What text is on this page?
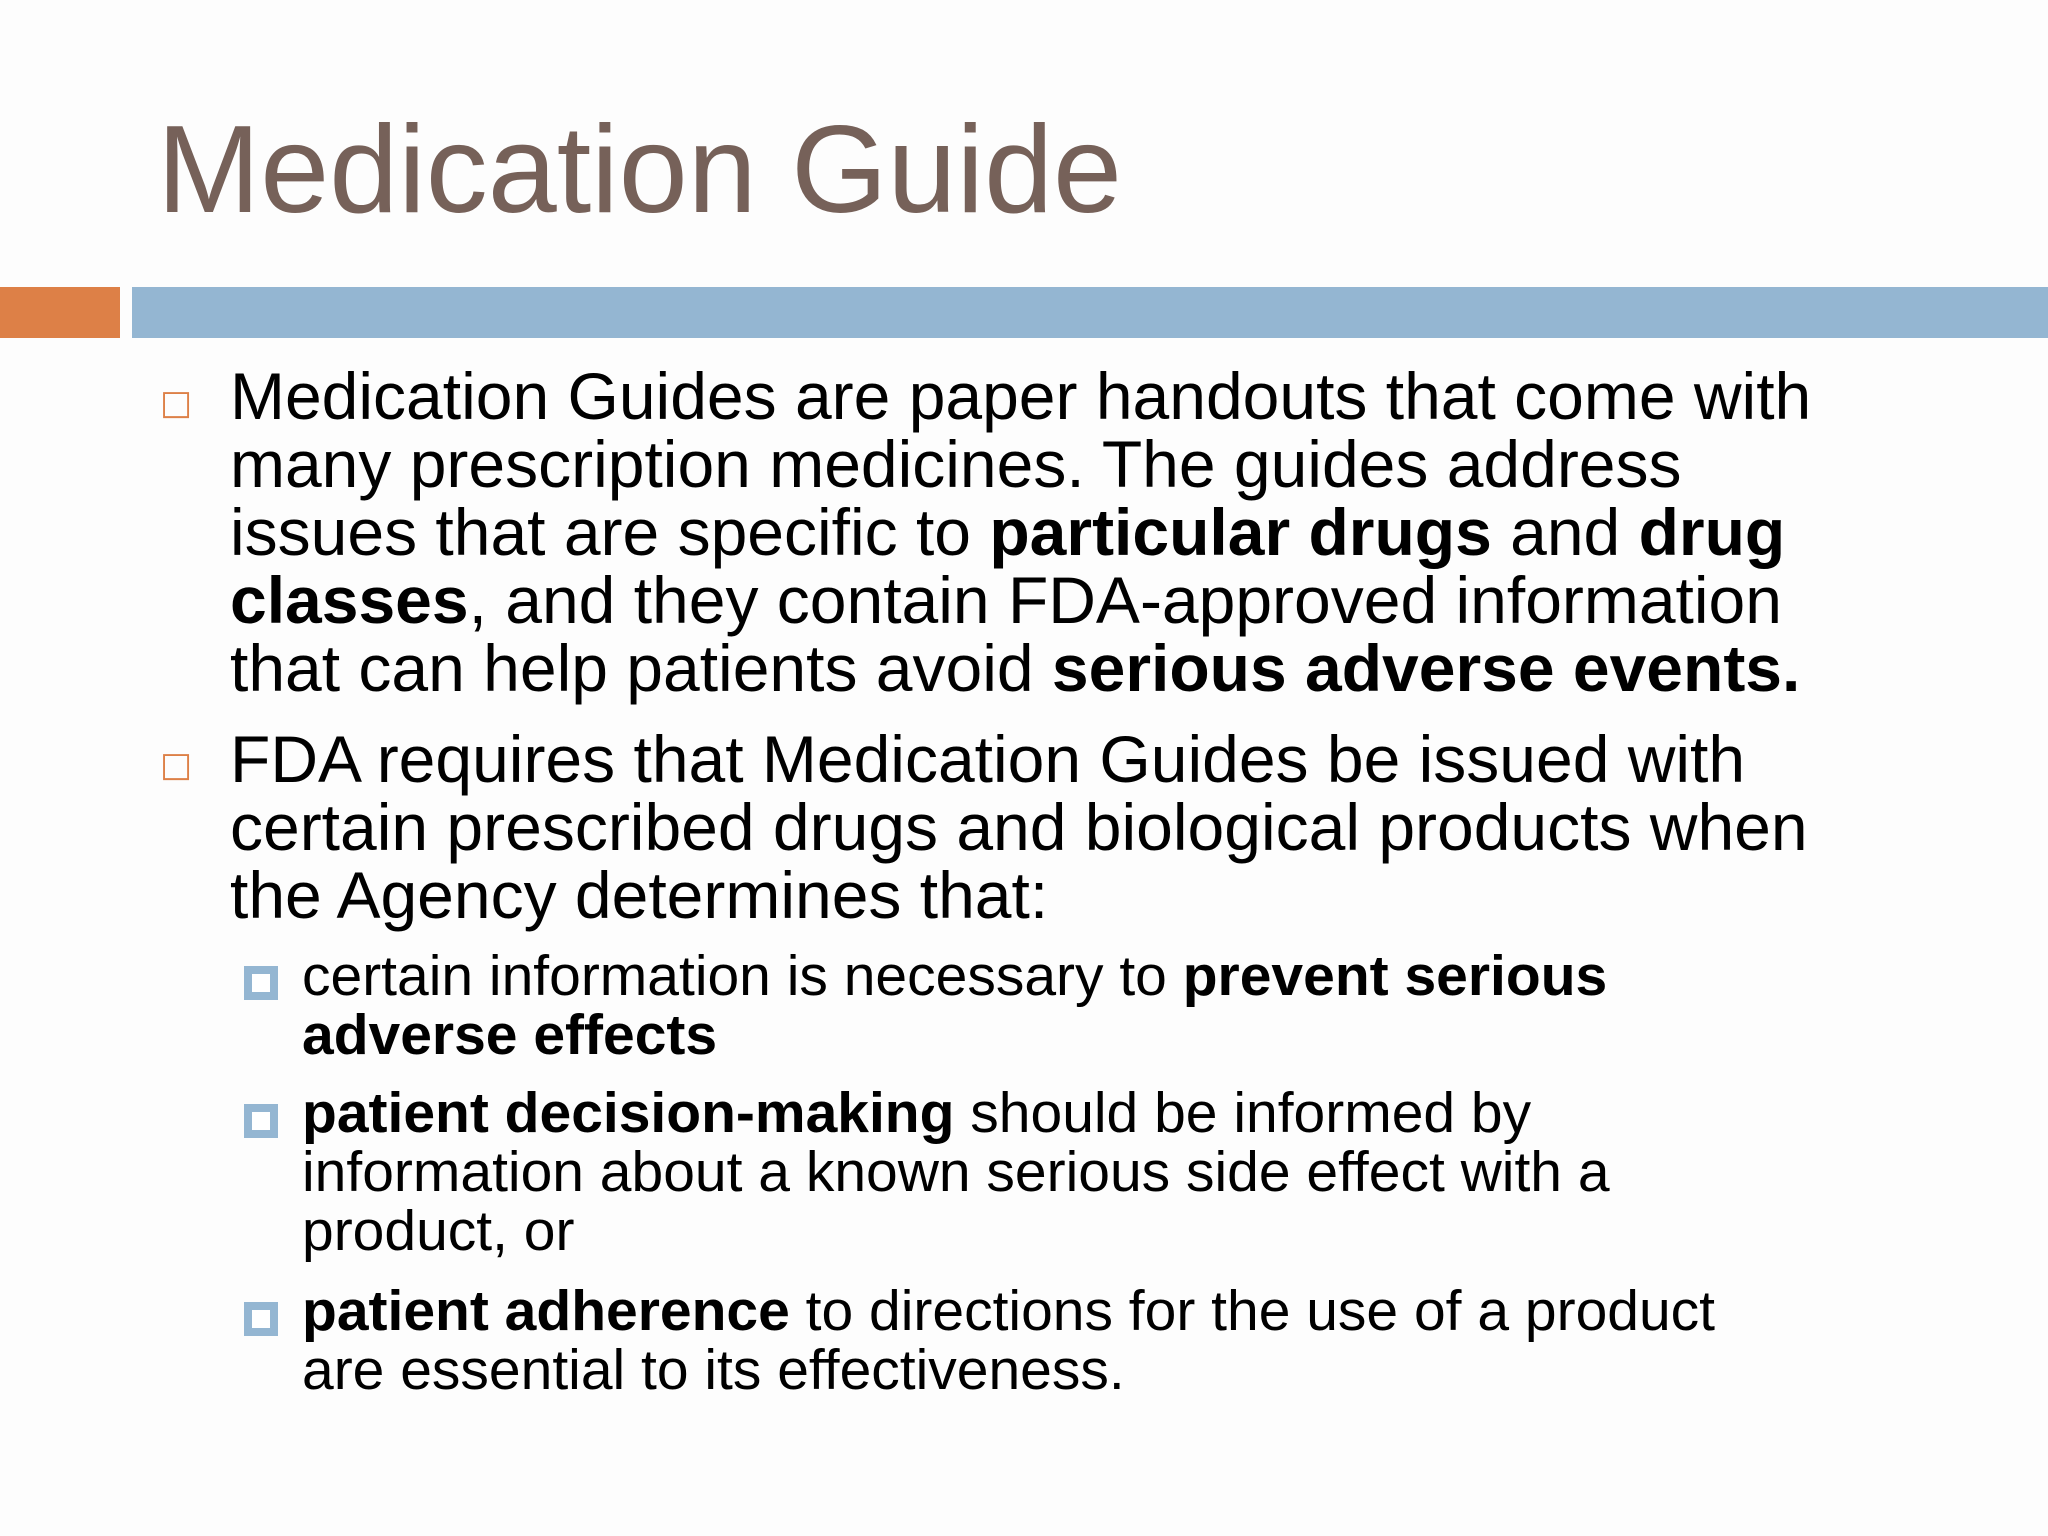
Medication Guide
□ Medication Guides are paper handouts that come with
many prescription medicines. The guides address
issues that are specific to particular drugs and drug
classes, and they contain FDA-approved information
that can help patients avoid serious adverse events.
□ FDA requires that Medication Guides be issued with
certain prescribed drugs and biological products when
the Agency determines that:
certain information is necessary to prevent serious
adverse effects
patient decision-making should be informed by
information about a known serious side effect with a
product, or
patient adherence to directions for the use of a product
are essential to its effectiveness.
